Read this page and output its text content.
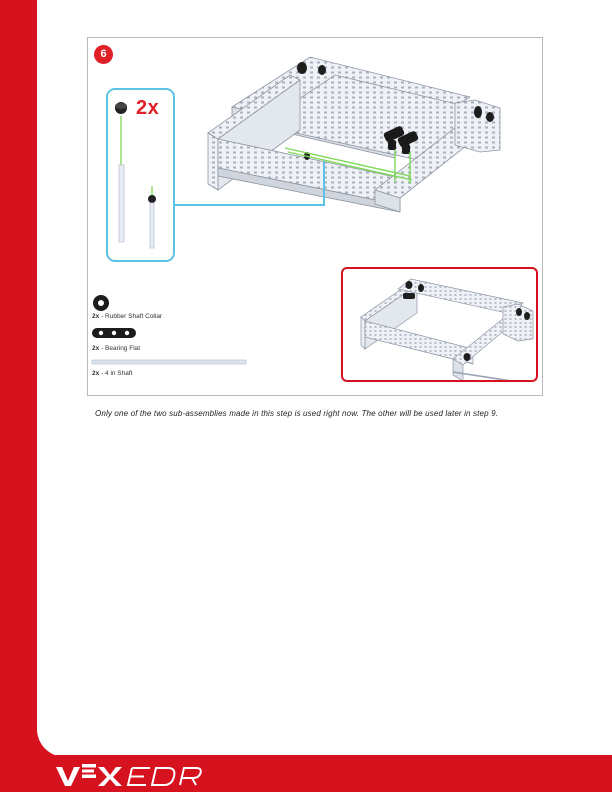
6
2x
2x - Rubber Shaft Collar
2x - Bearing Flat
2x - 4 in Shaft
Only one of the two sub-assemblies made in this step is used right now. The other will be used later in step 9.
